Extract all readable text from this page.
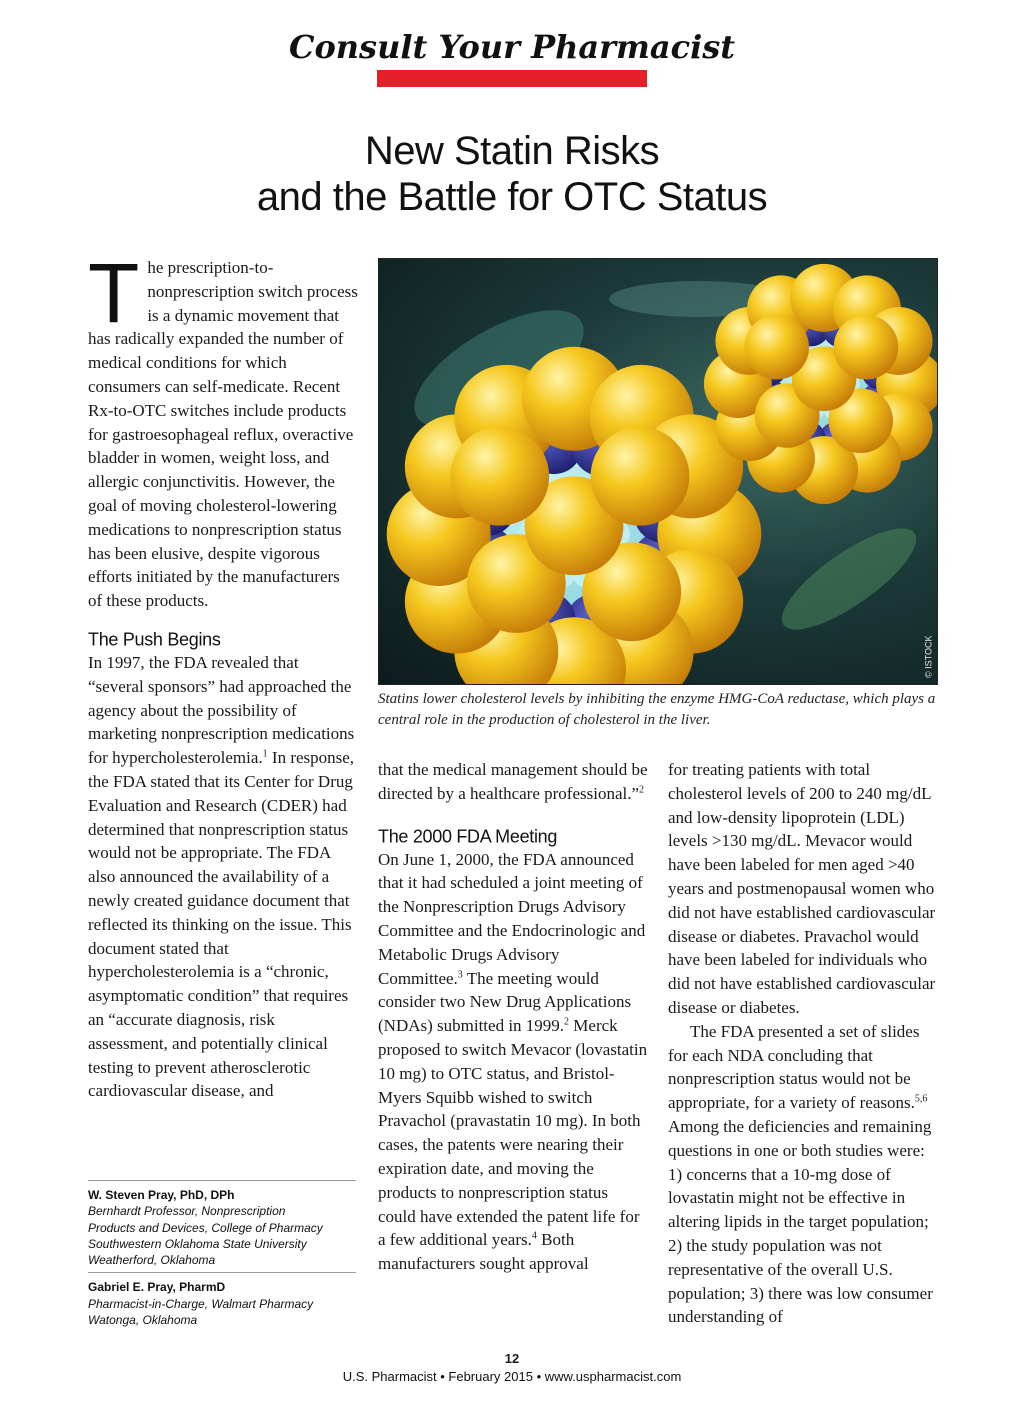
Consult Your Pharmacist
New Statin Risks
and the Battle for OTC Status

The prescription-to-nonprescription switch process is a dynamic movement that has radically expanded the number of medical conditions for which consumers can self-medicate. Recent Rx-to-OTC switches include products for gastroesophageal reflux, overactive bladder in women, weight loss, and allergic conjunctivitis. However, the goal of moving cholesterol-lowering medications to nonprescription status has been elusive, despite vigorous efforts initiated by the manufacturers of these products.

The Push Begins

In 1997, the FDA revealed that “several sponsors” had approached the agency about the possibility of marketing nonprescription medications for hypercholesterolemia.$^1$ In response, the FDA stated that its Center for Drug Evaluation and Research (CDER) had determined that nonprescription status would not be appropriate. The FDA also announced the availability of a newly created guidance document that reflected its thinking on the issue. This document stated that hypercholesterolemia is a “chronic, asymptomatic condition” that requires an “accurate diagnosis, risk assessment, and potentially clinical testing to prevent atherosclerotic cardiovascular disease, and

© ISTOCK

Statins lower cholesterol levels by inhibiting the enzyme HMG-CoA reductase, which plays a central role in the production of cholesterol in the liver.

that the medical management should be directed by a healthcare professional.”$^2$

The 2000 FDA Meeting

On June 1, 2000, the FDA announced that it had scheduled a joint meeting of the Nonprescription Drugs Advisory Committee and the Endocrinologic and Metabolic Drugs Advisory Committee.$^3$ The meeting would consider two New Drug Applications (NDAs) submitted in 1999.$^2$ Merck proposed to switch Mevacor (lovastatin 10 mg) to OTC status, and Bristol-Myers Squibb wished to switch Pravachol (pravastatin 10 mg). In both cases, the patents were nearing their expiration date, and moving the products to nonprescription status could have extended the patent life for a few additional years.$^4$ Both manufacturers sought approval

for treating patients with total cholesterol levels of 200 to 240 mg/dL and low-density lipoprotein (LDL) levels >130 mg/dL. Mevacor would have been labeled for men aged >40 years and postmenopausal women who did not have established cardiovascular disease or diabetes. Pravachol would have been labeled for individuals who did not have established cardiovascular disease or diabetes.

The FDA presented a set of slides for each NDA concluding that nonprescription status would not be appropriate, for a variety of reasons.$^{5,6}$ Among the deficiencies and remaining questions in one or both studies were: 1) concerns that a 10-mg dose of lovastatin might not be effective in altering lipids in the target population; 2) the study population was not representative of the overall U.S. population; 3) there was low consumer understanding of

W. Steven Pray, PhD, DPh
Bernhardt Professor, Nonprescription
Products and Devices, College of Pharmacy
Southwestern Oklahoma State University
Weatherford, Oklahoma
Gabriel E. Pray, PharmD
Pharmacist-in-Charge, Walmart Pharmacy
Watonga, Oklahoma
12
U.S. Pharmacist • February 2015 • www.uspharmacist.com
